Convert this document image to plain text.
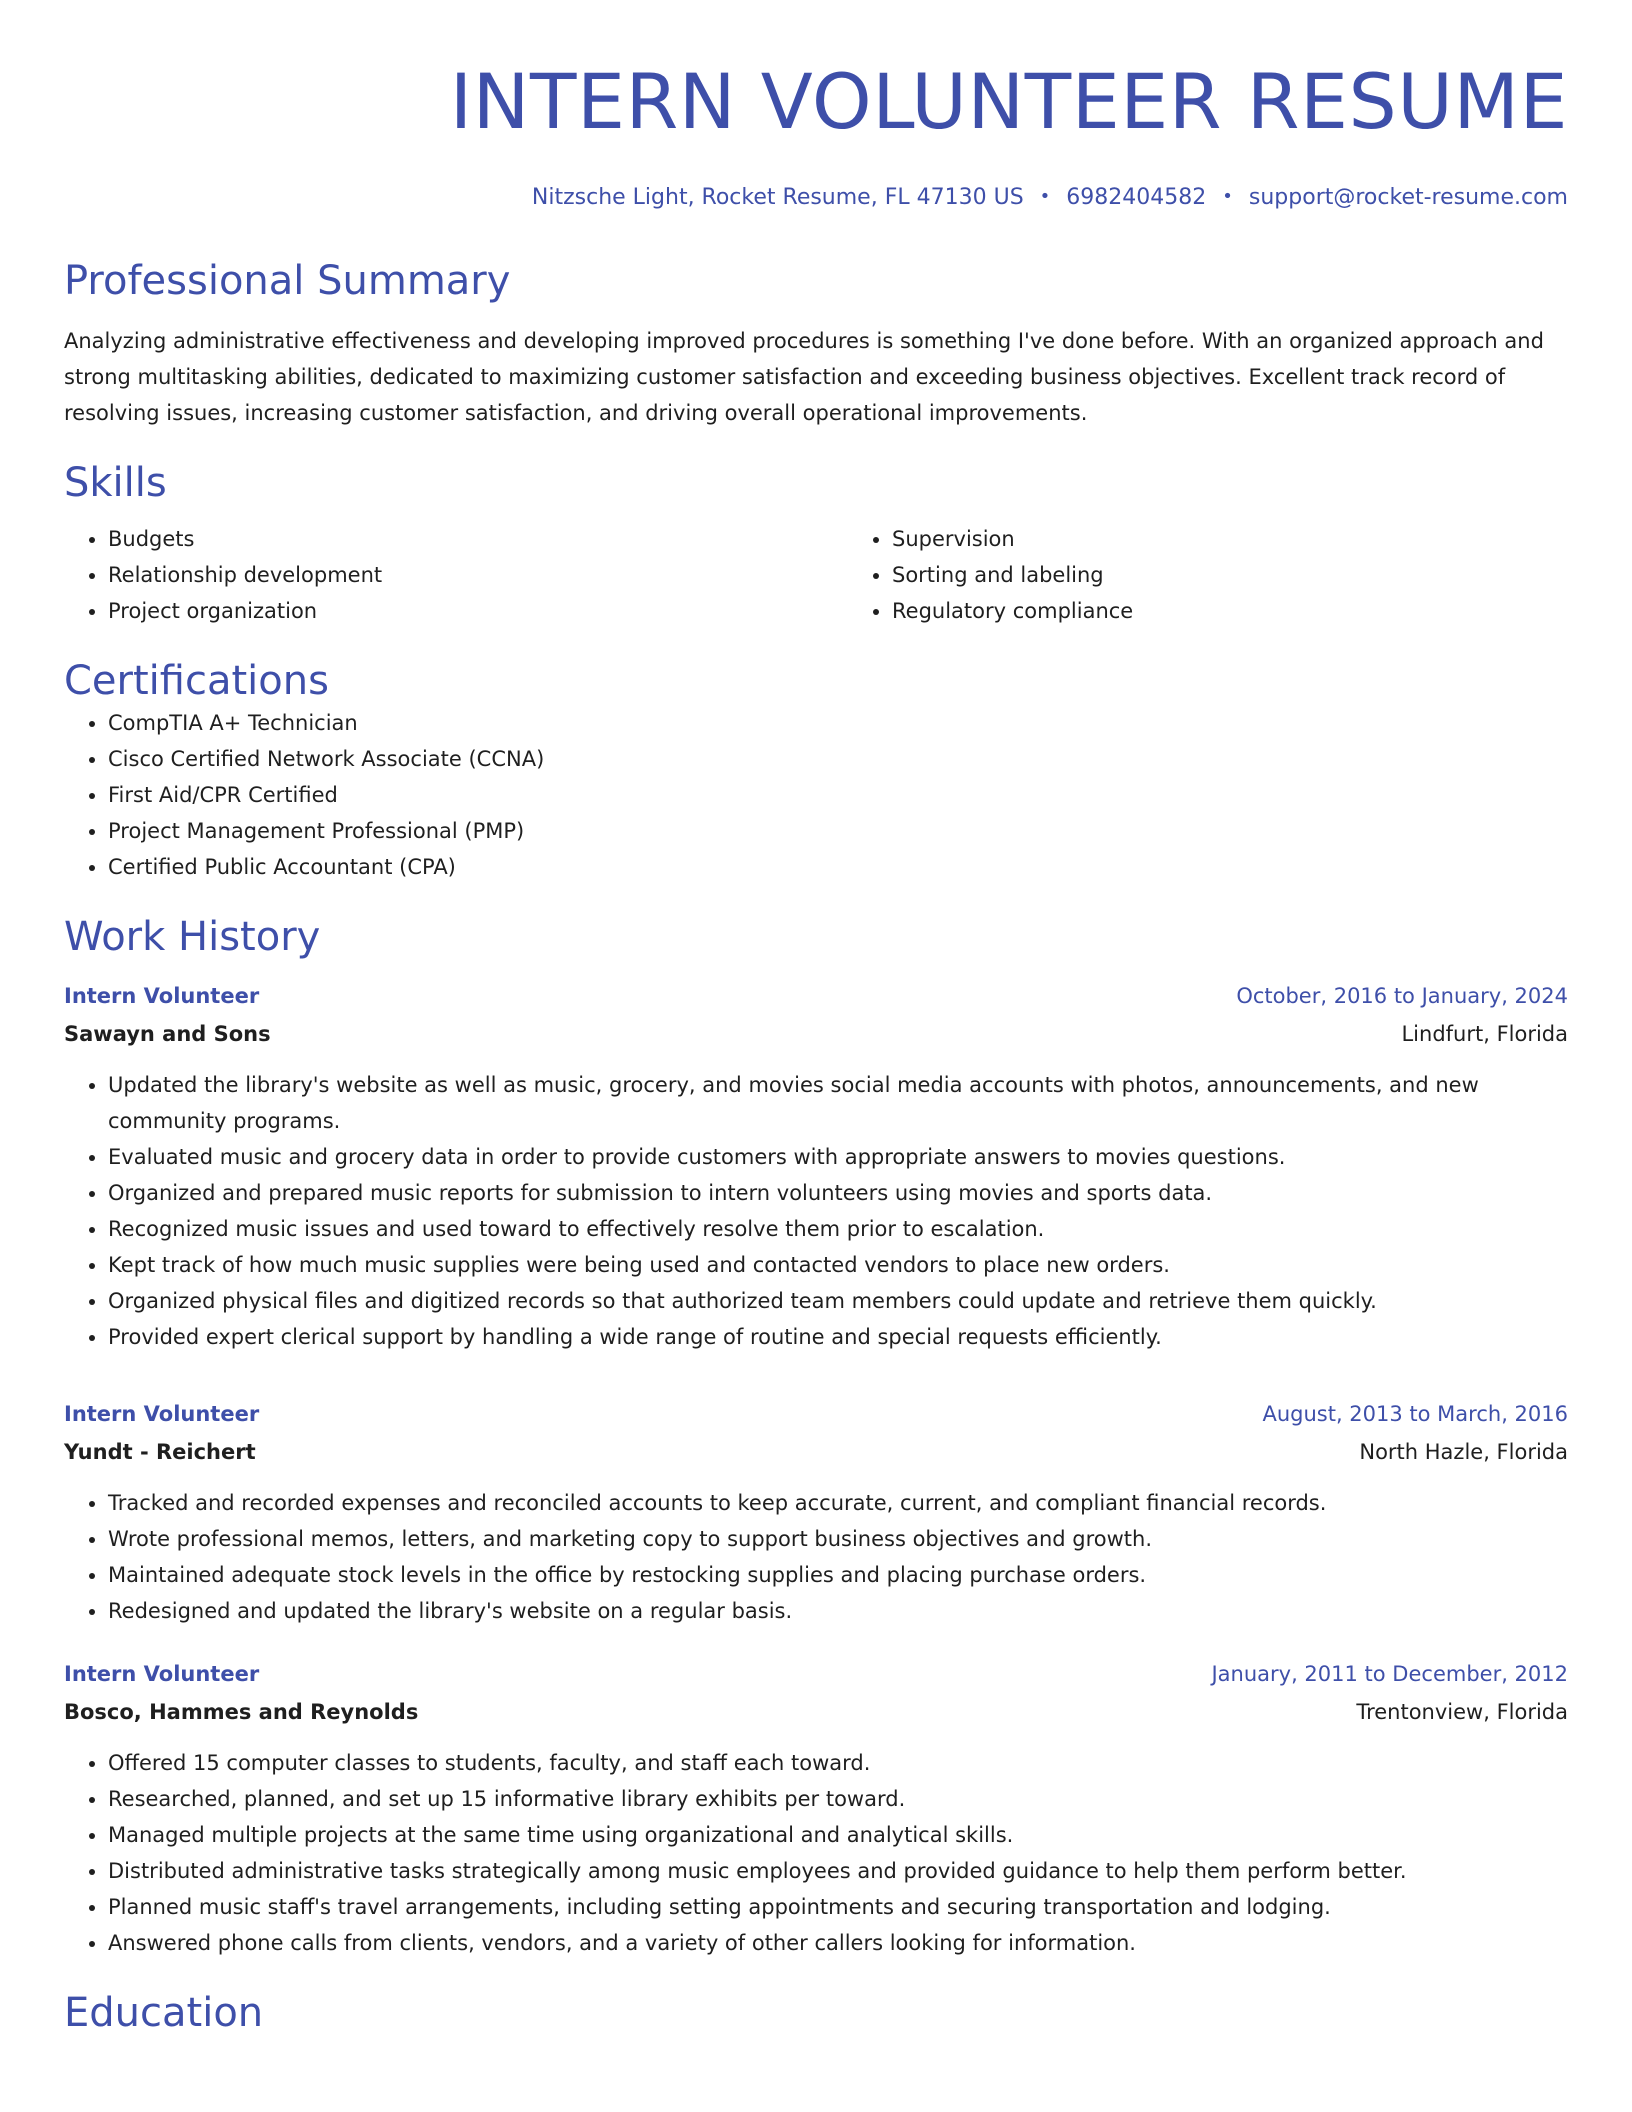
INTERN VOLUNTEER RESUME
Nitzsche Light, Rocket Resume, FL 47130 US • 6982404582 • support@rocket-resume.com
Professional Summary

Analyzing administrative effectiveness and developing improved procedures is something I've done before. With an organized approach and strong multitasking abilities, dedicated to maximizing customer satisfaction and exceeding business objectives. Excellent track record of resolving issues, increasing customer satisfaction, and driving overall operational improvements.

Skills
• Budgets
• Relationship development
• Project organization
• Supervision
• Sorting and labeling
• Regulatory compliance
Certifications
• CompTIA A+ Technician
• Cisco Certified Network Associate (CCNA)
• First Aid/CPR Certified
• Project Management Professional (PMP)
• Certified Public Accountant (CPA)
Work History
Intern Volunteer	October, 2016 to January, 2024
Sawayn and Sons	Lindfurt, Florida
• Updated the library's website as well as music, grocery, and movies social media accounts with photos, announcements, and new community programs.
• Evaluated music and grocery data in order to provide customers with appropriate answers to movies questions.
• Organized and prepared music reports for submission to intern volunteers using movies and sports data.
• Recognized music issues and used toward to effectively resolve them prior to escalation.
• Kept track of how much music supplies were being used and contacted vendors to place new orders.
• Organized physical files and digitized records so that authorized team members could update and retrieve them quickly.
• Provided expert clerical support by handling a wide range of routine and special requests efficiently.
Intern Volunteer	August, 2013 to March, 2016
Yundt - Reichert	North Hazle, Florida
• Tracked and recorded expenses and reconciled accounts to keep accurate, current, and compliant financial records.
• Wrote professional memos, letters, and marketing copy to support business objectives and growth.
• Maintained adequate stock levels in the office by restocking supplies and placing purchase orders.
• Redesigned and updated the library's website on a regular basis.
Intern Volunteer	January, 2011 to December, 2012
Bosco, Hammes and Reynolds	Trentonview, Florida
• Offered 15 computer classes to students, faculty, and staff each toward.
• Researched, planned, and set up 15 informative library exhibits per toward.
• Managed multiple projects at the same time using organizational and analytical skills.
• Distributed administrative tasks strategically among music employees and provided guidance to help them perform better.
• Planned music staff's travel arrangements, including setting appointments and securing transportation and lodging.
• Answered phone calls from clients, vendors, and a variety of other callers looking for information.
Education
